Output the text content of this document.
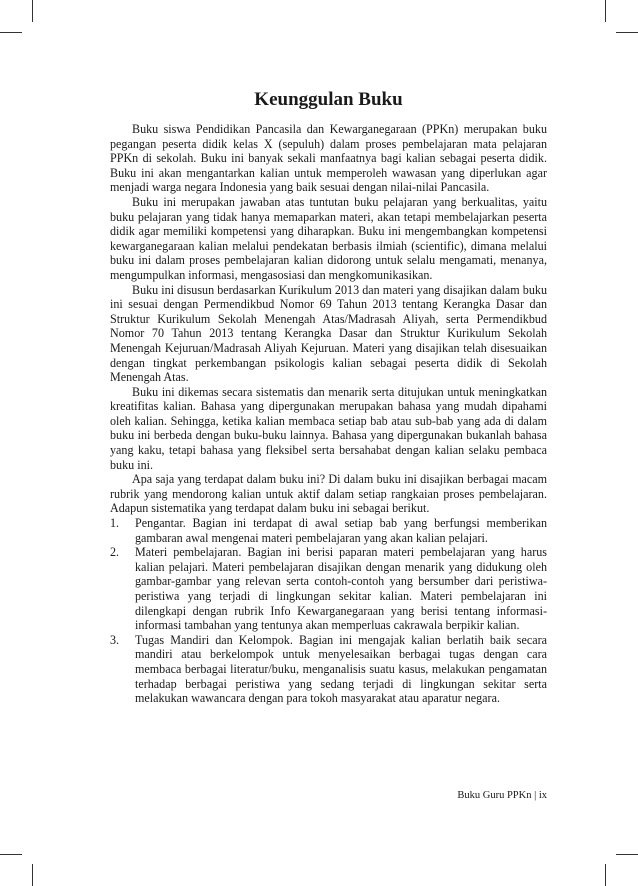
Keunggulan Buku

Buku siswa Pendidikan Pancasila dan Kewarganegaraan (PPKn) merupakan buku pegangan peserta didik kelas X (sepuluh) dalam proses pembelajaran mata pelajaran PPKn di sekolah. Buku ini banyak sekali manfaatnya bagi kalian sebagai peserta didik. Buku ini akan mengantarkan kalian untuk memperoleh wawasan yang diperlukan agar menjadi warga negara Indonesia yang baik sesuai dengan nilai-nilai Pancasila.

Buku ini merupakan jawaban atas tuntutan buku pelajaran yang berkualitas, yaitu buku pelajaran yang tidak hanya memaparkan materi, akan tetapi membelajarkan peserta didik agar memiliki kompetensi yang diharapkan. Buku ini mengembangkan kompetensi kewarganegaraan kalian melalui pendekatan berbasis ilmiah (scientific), dimana melalui buku ini dalam proses pembelajaran kalian didorong untuk selalu mengamati, menanya, mengumpulkan informasi, mengasosiasi dan mengkomunikasikan.

Buku ini disusun berdasarkan Kurikulum 2013 dan materi yang disajikan dalam buku ini sesuai dengan Permendikbud Nomor 69 Tahun 2013 tentang Kerangka Dasar dan Struktur Kurikulum Sekolah Menengah Atas/Madrasah Aliyah, serta Permendikbud Nomor 70 Tahun 2013 tentang Kerangka Dasar dan Struktur Kurikulum Sekolah Menengah Kejuruan/Madrasah Aliyah Kejuruan. Materi yang disajikan telah disesuaikan dengan tingkat perkembangan psikologis kalian sebagai peserta didik di Sekolah Menengah Atas.

Buku ini dikemas secara sistematis dan menarik serta ditujukan untuk meningkatkan kreatifitas kalian. Bahasa yang dipergunakan merupakan bahasa yang mudah dipahami oleh kalian. Sehingga, ketika kalian membaca setiap bab atau sub-bab yang ada di dalam buku ini berbeda dengan buku-buku lainnya. Bahasa yang dipergunakan bukanlah bahasa yang kaku, tetapi bahasa yang fleksibel serta bersahabat dengan kalian selaku pembaca buku ini.

Apa saja yang terdapat dalam buku ini? Di dalam buku ini disajikan berbagai macam rubrik yang mendorong kalian untuk aktif dalam setiap rangkaian proses pembelajaran. Adapun sistematika yang terdapat dalam buku ini sebagai berikut.

1. Pengantar. Bagian ini terdapat di awal setiap bab yang berfungsi memberikan gambaran awal mengenai materi pembelajaran yang akan kalian pelajari.
2. Materi pembelajaran. Bagian ini berisi paparan materi pembelajaran yang harus kalian pelajari. Materi pembelajaran disajikan dengan menarik yang didukung oleh gambar-gambar yang relevan serta contoh-contoh yang bersumber dari peristiwa-peristiwa yang terjadi di lingkungan sekitar kalian. Materi pembelajaran ini dilengkapi dengan rubrik Info Kewarganegaraan yang berisi tentang informasi-informasi tambahan yang tentunya akan memperluas cakrawala berpikir kalian.
3. Tugas Mandiri dan Kelompok. Bagian ini mengajak kalian berlatih baik secara mandiri atau berkelompok untuk menyelesaikan berbagai tugas dengan cara membaca berbagai literatur/buku, menganalisis suatu kasus, melakukan pengamatan terhadap berbagai peristiwa yang sedang terjadi di lingkungan sekitar serta melakukan wawancara dengan para tokoh masyarakat atau aparatur negara.
Buku Guru PPKn | ix
